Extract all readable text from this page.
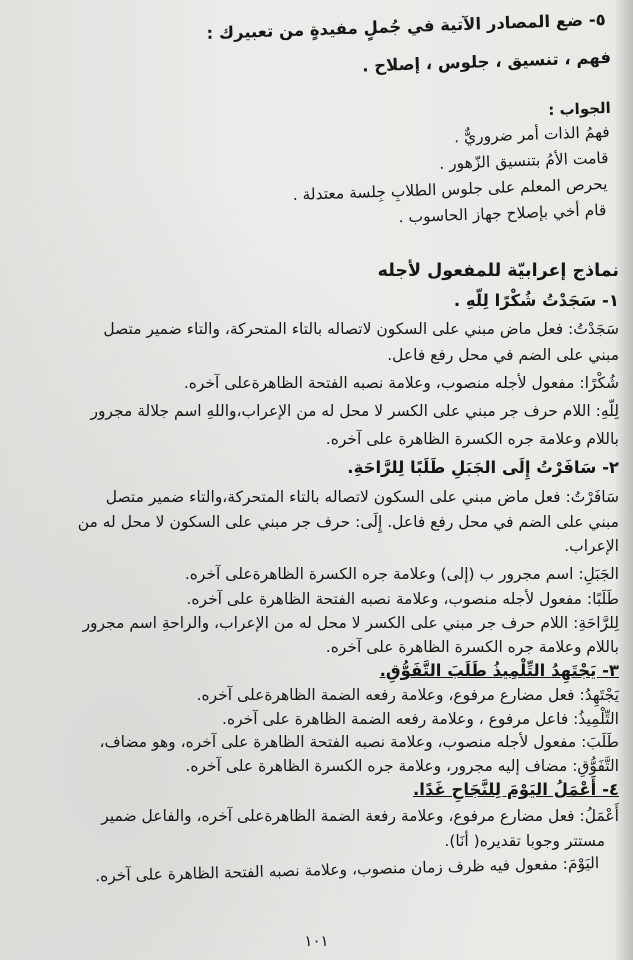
٥- ضع المصادر الآتية في جُملٍ مفيدةٍ من تعبيرك :
فهم ، تنسيق ، جلوس ، إصلاح .
الجواب :
فهمُ الذات أمر ضروريٌّ .
قامت الأمُ بتنسيق الزّهور .
يحرص المعلم على جلوس الطلابِ جِلسة معتدلة .
قام أخي بإصلاح جهاز الحاسوب .
نماذج إعرابيّة للمفعول لأجله
١- سَجَدْتُ شُكْرًا لِلّهِ .
سَجَدْتُ: فعل ماض مبني على السكون لاتصاله بالتاء المتحركة، والتاء ضمير متصل
مبني على الضم في محل رفع فاعل.
شُكْرًا: مفعول لأجله منصوب، وعلامة نصبه الفتحة الظاهرةعلى آخره.
لِلّهِ: اللام حرف جر مبني على الكسر لا محل له من الإعراب،واللهِ اسم جلالة مجرور
باللام وعلامة جره الكسرة الظاهرة على آخره.
٢- سَافَرْتُ إِلَى الجَبَلِ طَلَبًا لِلرَّاحَةِ.
سَافَرْتُ: فعل ماض مبني على السكون لاتصاله بالتاء المتحركة،والتاء ضمير متصل
مبني على الضم في محل رفع فاعل. إِلَى: حرف جر مبني على السكون لا محل له من
الإعراب.
الجَبَلِ: اسم مجرور ب (إلى) وعلامة جره الكسرة الظاهرةعلى آخره.
طَلَبًا: مفعول لأجله منصوب، وعلامة نصبه الفتحة الظاهرة على آخره.
لِلرَّاحَةِ: اللام حرف جر مبني على الكسر لا محل له من الإعراب، والراحةِ اسم مجرور
باللام وعلامة جره الكسرة الظاهرة على آخره.
٣- يَجْتَهِدُ التِّلْمِيذُ طَلَبَ التَّفَوُّقِ.
يَجْتَهِدُ: فعل مضارع مرفوع، وعلامة رفعه الضمة الظاهرةعلى آخره.
التِّلْمِيذُ: فاعل مرفوع ، وعلامة رفعه الضمة الظاهرة على آخره.
طَلَبَ: مفعول لأجله منصوب، وعلامة نصبه الفتحة الظاهرة على آخره، وهو مضاف،
التَّفَوُّقِ: مضاف إليه مجرور، وعلامة جره الكسرة الظاهرة على آخره.
٤- أَعْمَلُ اليَوْمَ لِلنَّجَاحِ غَدًا.
أَعْمَلُ: فعل مضارع مرفوع، وعلامة رفعة الضمة الظاهرةعلى آخره، والفاعل ضمير
مستتر وجوبا تقديره( أنَا).
اليَوْمَ: مفعول فيه ظرف زمان منصوب، وعلامة نصبه الفتحة الظاهرة على آخره.
١٠١
